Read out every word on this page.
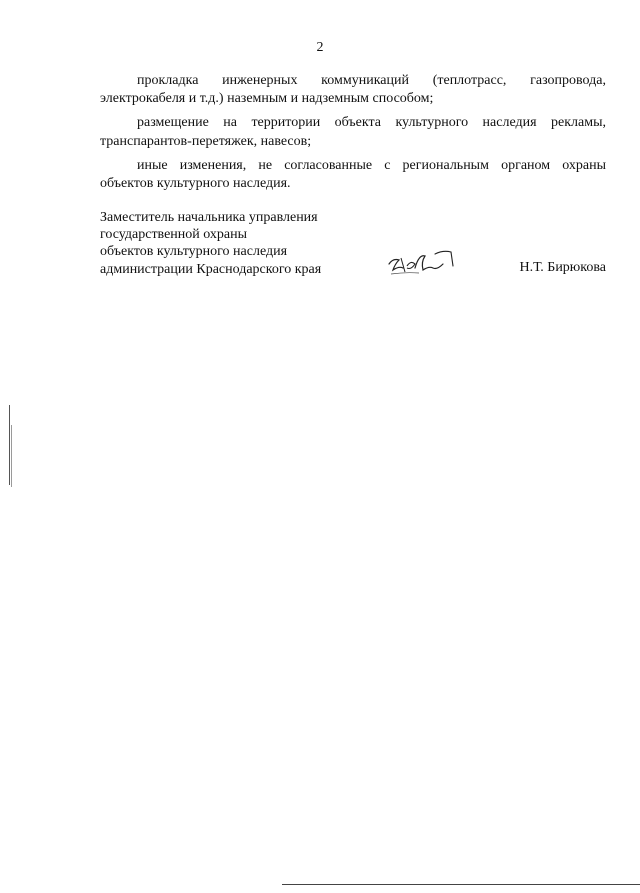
2
прокладка инженерных коммуникаций (теплотрасс, газопровода,
электрокабеля и т.д.) наземным и надземным способом;
размещение на территории объекта культурного наследия рекламы,
транспарантов-перетяжек, навесов;
иные изменения, не согласованные с региональным органом охраны
объектов культурного наследия.
Заместитель начальника управления
государственной охраны
объектов культурного наследия
администрации Краснодарского края	Н.Т. Бирюкова
